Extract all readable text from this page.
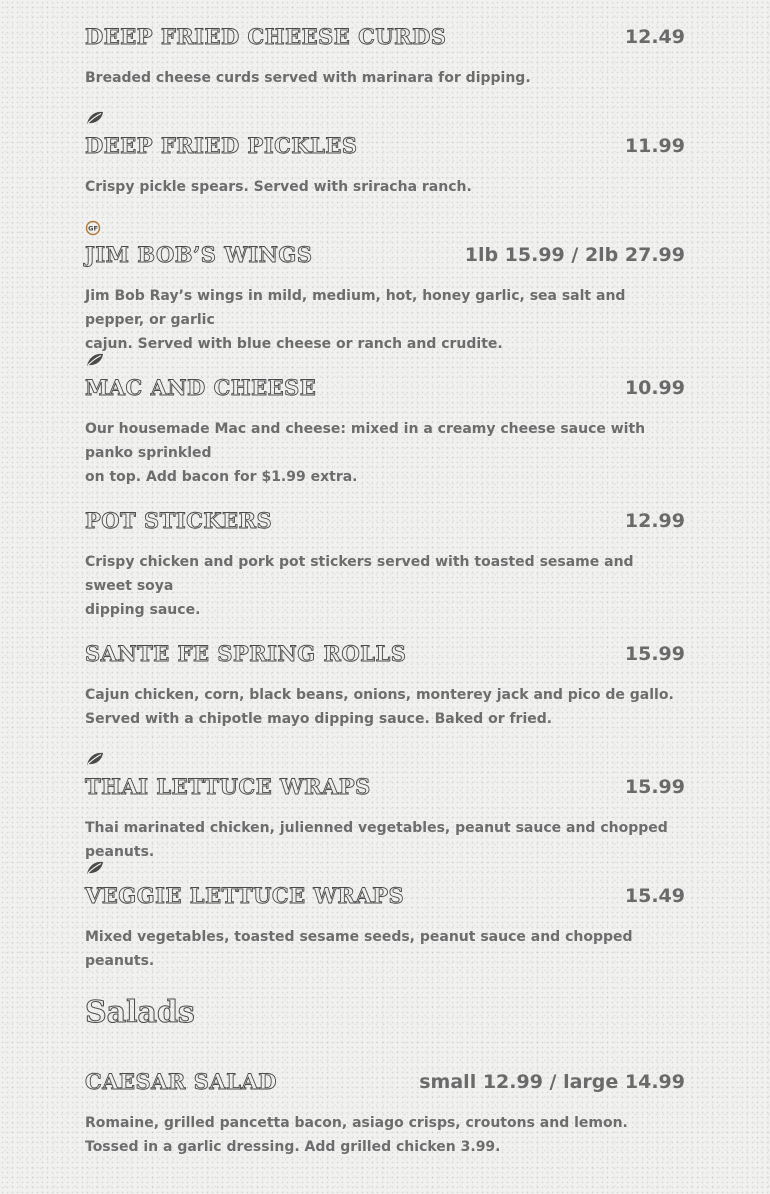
DEEP FRIED CHEESE CURDS	12.49

Breaded cheese curds served with marinara for dipping.

DEEP FRIED PICKLES	11.99

Crispy pickle spears. Served with sriracha ranch.

GF
JIM BOB’S WINGS	1lb 15.99 / 2lb 27.99

Jim Bob Ray’s wings in mild, medium, hot, honey garlic, sea salt and pepper, or garlic
cajun. Served with blue cheese or ranch and crudite.

MAC AND CHEESE	10.99

Our housemade Mac and cheese: mixed in a creamy cheese sauce with panko sprinkled
on top. Add bacon for $1.99 extra.

POT STICKERS	12.99

Crispy chicken and pork pot stickers served with toasted sesame and sweet soya
dipping sauce.

SANTE FE SPRING ROLLS	15.99

Cajun chicken, corn, black beans, onions, monterey jack and pico de gallo.
Served with a chipotle mayo dipping sauce. Baked or fried.

THAI LETTUCE WRAPS	15.99

Thai marinated chicken, julienned vegetables, peanut sauce and chopped peanuts.

VEGGIE LETTUCE WRAPS	15.49

Mixed vegetables, toasted sesame seeds, peanut sauce and chopped peanuts.

Salads
CAESAR SALAD	small 12.99 / large 14.99

Romaine, grilled pancetta bacon, asiago crisps, croutons and lemon.
Tossed in a garlic dressing. Add grilled chicken 3.99.
